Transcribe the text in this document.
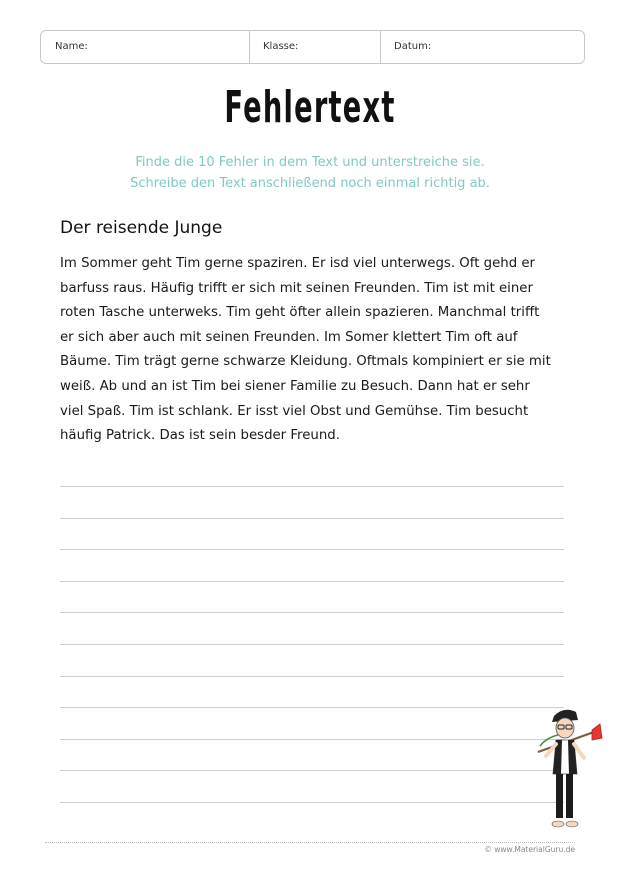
Name:	Klasse:	Datum:
Fehlertext
Finde die 10 Fehler in dem Text und unterstreiche sie.
Schreibe den Text anschließend noch einmal richtig ab.
Der reisende Junge
Im Sommer geht Tim gerne spaziren. Er isd viel unterwegs. Oft gehd er
barfuss raus. Häufig trifft er sich mit seinen Freunden. Tim ist mit einer
roten Tasche unterweks. Tim geht öfter allein spazieren. Manchmal trifft
er sich aber auch mit seinen Freunden. Im Somer klettert Tim oft auf
Bäume. Tim trägt gerne schwarze Kleidung. Oftmals kompiniert er sie mit
weiß. Ab und an ist Tim bei siener Familie zu Besuch. Dann hat er sehr
viel Spaß. Tim ist schlank. Er isst viel Obst und Gemühse. Tim besucht
häufig Patrick. Das ist sein besder Freund.
© www.MaterialGuru.de
